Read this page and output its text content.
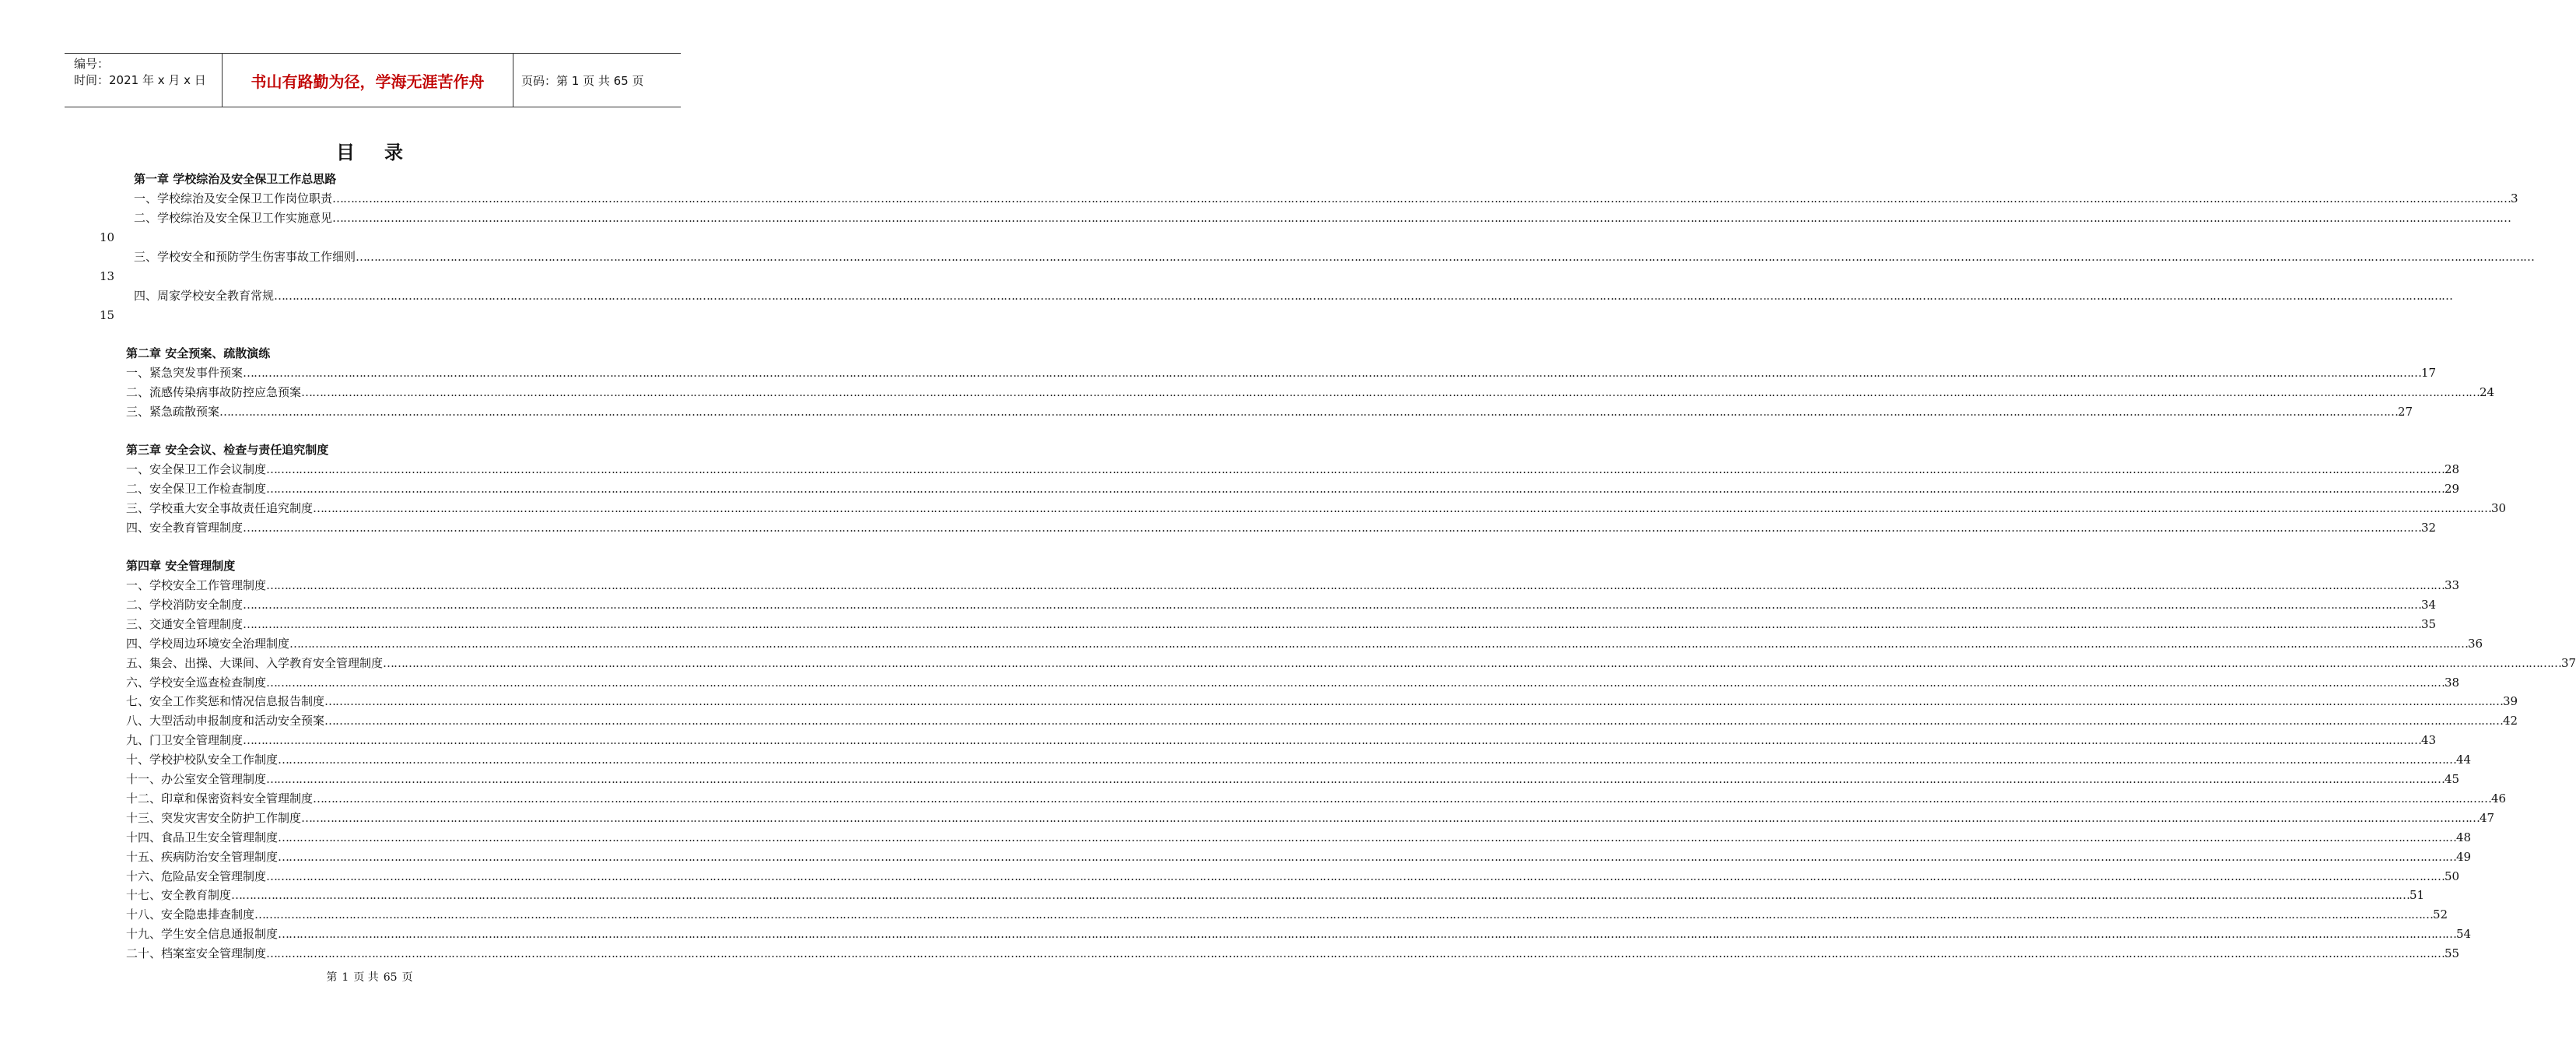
编号：
时间：2021 年 x 月 x 日	书山有路勤为径，学海无涯苦作舟	页码：第 1 页 共 65 页
目录
第一章 学校综治及安全保卫工作总思路
一、学校综治及安全保卫工作岗位职责 …………………………………………………………………………………………………………………………………………………………………………………………………………………………………………………………………………………………………………………………………………………………………………………………………………………………………………………………………………………………………………………………………………………… 3
二、学校综治及安全保卫工作实施意见 ……………………………………………………………………………………………………………………………………………………………………………………………………………………………………………………………………………………………………………………………………………………………………………………………………………………………………………………………………………………………………………………………………………………
10
三、学校安全和预防学生伤害事故工作细则 ……………………………………………………………………………………………………………………………………………………………………………………………………………………………………………………………………………………………………………………………………………………………………………………………………………………………………………………………………………………………………………………………………………………
13
四、周家学校安全教育常规 ……………………………………………………………………………………………………………………………………………………………………………………………………………………………………………………………………………………………………………………………………………………………………………………………………………………………………………………………………………………………………………………………………………………
15
第二章 安全预案、疏散演练
一、紧急突发事件预案 …………………………………………………………………………………………………………………………………………………………………………………………………………………………………………………………………………………………………………………………………………………………………………………………………………………………………………………………………………………………………………………………………………………… 17
二、流感传染病事故防控应急预案 …………………………………………………………………………………………………………………………………………………………………………………………………………………………………………………………………………………………………………………………………………………………………………………………………………………………………………………………………………………………………………………………………………………… 24
三、紧急疏散预案 …………………………………………………………………………………………………………………………………………………………………………………………………………………………………………………………………………………………………………………………………………………………………………………………………………………………………………………………………………………………………………………………………………………… 27
第三章 安全会议、检查与责任追究制度
一、安全保卫工作会议制度 …………………………………………………………………………………………………………………………………………………………………………………………………………………………………………………………………………………………………………………………………………………………………………………………………………………………………………………………………………………………………………………………………………………… 28
二、安全保卫工作检查制度 …………………………………………………………………………………………………………………………………………………………………………………………………………………………………………………………………………………………………………………………………………………………………………………………………………………………………………………………………………………………………………………………………………………… 29
三、学校重大安全事故责任追究制度 …………………………………………………………………………………………………………………………………………………………………………………………………………………………………………………………………………………………………………………………………………………………………………………………………………………………………………………………………………………………………………………………………………………… 30
四、安全教育管理制度 …………………………………………………………………………………………………………………………………………………………………………………………………………………………………………………………………………………………………………………………………………………………………………………………………………………………………………………………………………………………………………………………………………………… 32
第四章 安全管理制度
一、学校安全工作管理制度 …………………………………………………………………………………………………………………………………………………………………………………………………………………………………………………………………………………………………………………………………………………………………………………………………………………………………………………………………………………………………………………………………………………… 33
二、学校消防安全制度 …………………………………………………………………………………………………………………………………………………………………………………………………………………………………………………………………………………………………………………………………………………………………………………………………………………………………………………………………………………………………………………………………………………… 34
三、交通安全管理制度 …………………………………………………………………………………………………………………………………………………………………………………………………………………………………………………………………………………………………………………………………………………………………………………………………………………………………………………………………………………………………………………………………………………… 35
四、学校周边环境安全治理制度 …………………………………………………………………………………………………………………………………………………………………………………………………………………………………………………………………………………………………………………………………………………………………………………………………………………………………………………………………………………………………………………………………………………… 36
五、集会、出操、大课间、入学教育安全管理制度 …………………………………………………………………………………………………………………………………………………………………………………………………………………………………………………………………………………………………………………………………………………………………………………………………………………………………………………………………………………………………………………………………………………… 37
六、学校安全巡查检查制度 …………………………………………………………………………………………………………………………………………………………………………………………………………………………………………………………………………………………………………………………………………………………………………………………………………………………………………………………………………………………………………………………………………………… 38
七、安全工作奖惩和情况信息报告制度 …………………………………………………………………………………………………………………………………………………………………………………………………………………………………………………………………………………………………………………………………………………………………………………………………………………………………………………………………………………………………………………………………………………… 39
八、大型活动申报制度和活动安全预案 …………………………………………………………………………………………………………………………………………………………………………………………………………………………………………………………………………………………………………………………………………………………………………………………………………………………………………………………………………………………………………………………………………………… 42
九、门卫安全管理制度 …………………………………………………………………………………………………………………………………………………………………………………………………………………………………………………………………………………………………………………………………………………………………………………………………………………………………………………………………………………………………………………………………………………… 43
十、学校护校队安全工作制度 …………………………………………………………………………………………………………………………………………………………………………………………………………………………………………………………………………………………………………………………………………………………………………………………………………………………………………………………………………………………………………………………………………………… 44
十一、办公室安全管理制度 …………………………………………………………………………………………………………………………………………………………………………………………………………………………………………………………………………………………………………………………………………………………………………………………………………………………………………………………………………………………………………………………………………………… 45
十二、印章和保密资料安全管理制度 …………………………………………………………………………………………………………………………………………………………………………………………………………………………………………………………………………………………………………………………………………………………………………………………………………………………………………………………………………………………………………………………………………………… 46
十三、突发灾害安全防护工作制度 …………………………………………………………………………………………………………………………………………………………………………………………………………………………………………………………………………………………………………………………………………………………………………………………………………………………………………………………………………………………………………………………………………………… 47
十四、食品卫生安全管理制度 …………………………………………………………………………………………………………………………………………………………………………………………………………………………………………………………………………………………………………………………………………………………………………………………………………………………………………………………………………………………………………………………………………………… 48
十五、疾病防治安全管理制度 …………………………………………………………………………………………………………………………………………………………………………………………………………………………………………………………………………………………………………………………………………………………………………………………………………………………………………………………………………………………………………………………………………………… 49
十六、危险品安全管理制度 …………………………………………………………………………………………………………………………………………………………………………………………………………………………………………………………………………………………………………………………………………………………………………………………………………………………………………………………………………………………………………………………………………………… 50
十七、安全教育制度 …………………………………………………………………………………………………………………………………………………………………………………………………………………………………………………………………………………………………………………………………………………………………………………………………………………………………………………………………………………………………………………………………………………… 51
十八、安全隐患排查制度 …………………………………………………………………………………………………………………………………………………………………………………………………………………………………………………………………………………………………………………………………………………………………………………………………………………………………………………………………………………………………………………………………………………… 52
十九、学生安全信息通报制度 …………………………………………………………………………………………………………………………………………………………………………………………………………………………………………………………………………………………………………………………………………………………………………………………………………………………………………………………………………………………………………………………………………………… 54
二十、档案室安全管理制度 …………………………………………………………………………………………………………………………………………………………………………………………………………………………………………………………………………………………………………………………………………………………………………………………………………………………………………………………………………………………………………………………………………………… 55
第 1 页 共 65 页
